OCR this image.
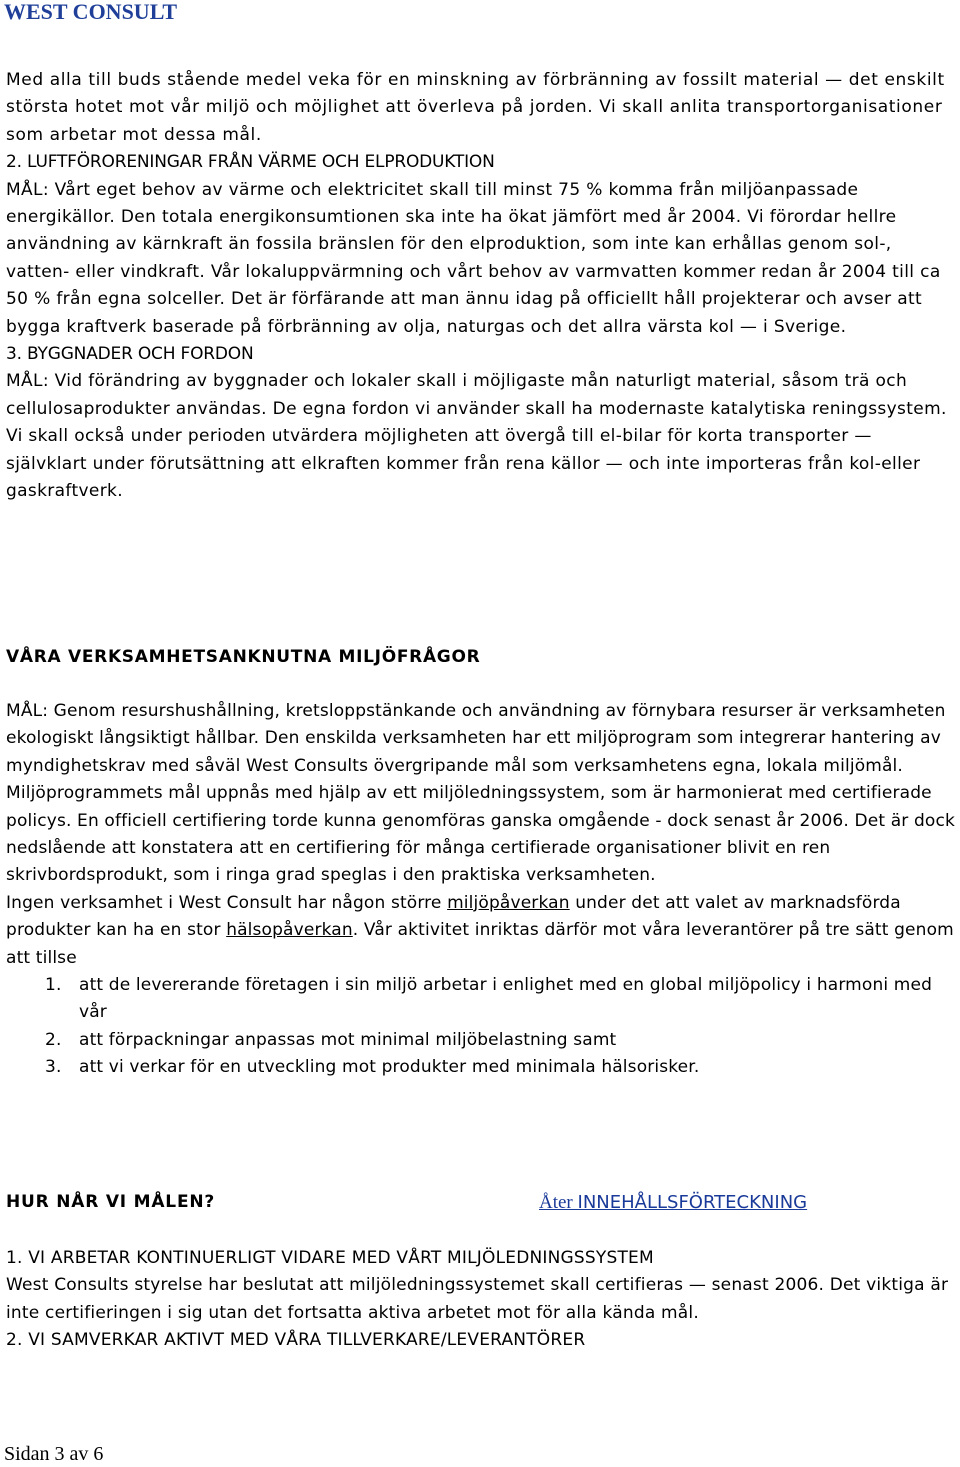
WEST CONSULT

Med alla till buds stående medel veka för en minskning av förbränning av fossilt material — det enskilt största hotet mot vår miljö och möjlighet att överleva på jorden. Vi skall anlita transportorganisationer som arbetar mot dessa mål.

2. LUFTFÖRORENINGAR FRÅN VÄRME OCH ELPRODUKTION

MÅL: Vårt eget behov av värme och elektricitet skall till minst 75 % komma från miljöanpassade energikällor. Den totala energikonsumtionen ska inte ha ökat jämfört med år 2004. Vi förordar hellre användning av kärnkraft än fossila bränslen för den elproduktion, som inte kan erhållas genom sol-, vatten- eller vindkraft. Vår lokaluppvärmning och vårt behov av varmvatten kommer redan år 2004 till ca 50 % från egna solceller. Det är förfärande att man ännu idag på officiellt håll projekterar och avser att bygga kraftverk baserade på förbränning av olja, naturgas och det allra värsta kol — i Sverige.

3. BYGGNADER OCH FORDON

MÅL: Vid förändring av byggnader och lokaler skall i möjligaste mån naturligt material, såsom trä och cellulosaprodukter användas. De egna fordon vi använder skall ha modernaste katalytiska reningssystem. Vi skall också under perioden utvärdera möjligheten att övergå till el-bilar för korta transporter — självklart under förutsättning att elkraften kommer från rena källor — och inte importeras från kol-eller gaskraftverk.

VÅRA VERKSAMHETSANKNUTNA MILJÖFRÅGOR

MÅL: Genom resurshushållning, kretsloppstänkande och användning av förnybara resurser är verksamheten ekologiskt långsiktigt hållbar. Den enskilda verksamheten har ett miljöprogram som integrerar hantering av myndighetskrav med såväl West Consults övergripande mål som verksamhetens egna, lokala miljömål.

Miljöprogrammets mål uppnås med hjälp av ett miljöledningssystem, som är harmonierat med certifierade policys. En officiell certifiering torde kunna genomföras ganska omgående - dock senast år 2006. Det är dock nedslående att konstatera att en certifiering för många certifierade organisationer blivit en ren skrivbordsprodukt, som i ringa grad speglas i den praktiska verksamheten.

Ingen verksamhet i West Consult har någon större miljöpåverkan under det att valet av marknadsförda produkter kan ha en stor hälsopåverkan. Vår aktivitet inriktas därför mot våra leverantörer på tre sätt genom att tillse

1. att de levererande företagen i sin miljö arbetar i enlighet med en global miljöpolicy i harmoni med vår
2. att förpackningar anpassas mot minimal miljöbelastning samt
3. att vi verkar för en utveckling mot produkter med minimala hälsorisker.
HUR NÅR VI MÅLEN?	Åter INNEHÅLLSFÖRTECKNING

1. VI ARBETAR KONTINUERLIGT VIDARE MED VÅRT MILJÖLEDNINGSSYSTEM

West Consults styrelse har beslutat att miljöledningssystemet skall certifieras — senast 2006. Det viktiga är inte certifieringen i sig utan det fortsatta aktiva arbetet mot för alla kända mål.

2. VI SAMVERKAR AKTIVT MED VÅRA TILLVERKARE/LEVERANTÖRER

Sidan 3 av 6
